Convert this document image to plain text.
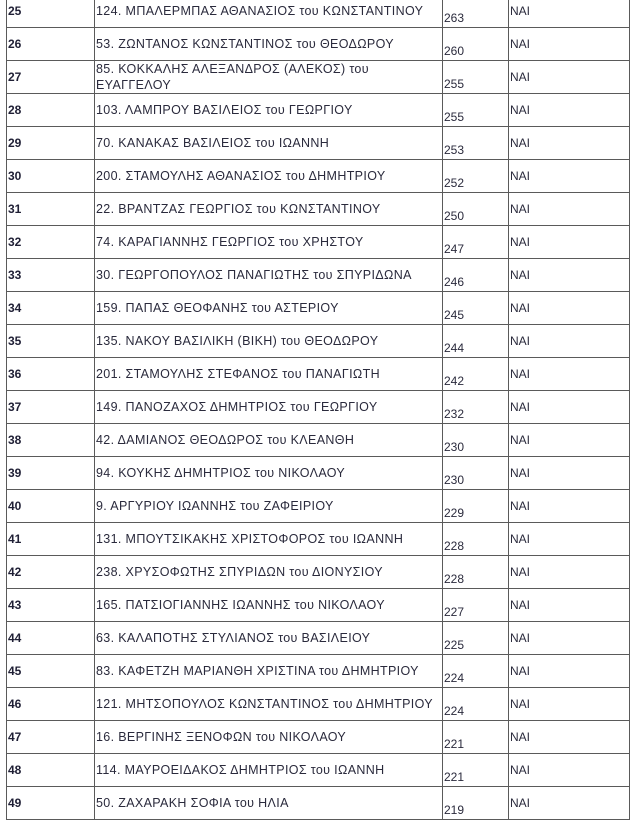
25	124. ΜΠΑΛΕΡΜΠΑΣ ΑΘΑΝΑΣΙΟΣ του ΚΩΝΣΤΑΝΤΙΝΟΥ	263	ΝΑΙ
26	53. ΖΩΝΤΑΝΟΣ ΚΩΝΣΤΑΝΤΙΝΟΣ του ΘΕΟΔΩΡΟΥ	260	ΝΑΙ
27	85. ΚΟΚΚΑΛΗΣ ΑΛΕΞΑΝΔΡΟΣ (ΑΛΕΚΟΣ) του ΕΥΑΓΓΕΛΟΥ	255	ΝΑΙ
28	103. ΛΑΜΠΡΟΥ ΒΑΣΙΛΕΙΟΣ του ΓΕΩΡΓΙΟΥ	255	ΝΑΙ
29	70. ΚΑΝΑΚΑΣ ΒΑΣΙΛΕΙΟΣ του ΙΩΑΝΝΗ	253	ΝΑΙ
30	200. ΣΤΑΜΟΥΛΗΣ ΑΘΑΝΑΣΙΟΣ του ΔΗΜΗΤΡΙΟΥ	252	ΝΑΙ
31	22. ΒΡΑΝΤΖΑΣ ΓΕΩΡΓΙΟΣ του ΚΩΝΣΤΑΝΤΙΝΟΥ	250	ΝΑΙ
32	74. ΚΑΡΑΓΙΑΝΝΗΣ ΓΕΩΡΓΙΟΣ του ΧΡΗΣΤΟΥ	247	ΝΑΙ
33	30. ΓΕΩΡΓΟΠΟΥΛΟΣ ΠΑΝΑΓΙΩΤΗΣ του ΣΠΥΡΙΔΩΝΑ	246	ΝΑΙ
34	159. ΠΑΠΑΣ ΘΕΟΦΑΝΗΣ του ΑΣΤΕΡΙΟΥ	245	ΝΑΙ
35	135. ΝΑΚΟΥ ΒΑΣΙΛΙΚΗ (ΒΙΚΗ) του ΘΕΟΔΩΡΟΥ	244	ΝΑΙ
36	201. ΣΤΑΜΟΥΛΗΣ ΣΤΕΦΑΝΟΣ του ΠΑΝΑΓΙΩΤΗ	242	ΝΑΙ
37	149. ΠΑΝΟΖΑΧΟΣ ΔΗΜΗΤΡΙΟΣ του ΓΕΩΡΓΙΟΥ	232	ΝΑΙ
38	42. ΔΑΜΙΑΝΟΣ ΘΕΟΔΩΡΟΣ του ΚΛΕΑΝΘΗ	230	ΝΑΙ
39	94. ΚΟΥΚΗΣ ΔΗΜΗΤΡΙΟΣ του ΝΙΚΟΛΑΟΥ	230	ΝΑΙ
40	9. ΑΡΓΥΡΙΟΥ ΙΩΑΝΝΗΣ του ΖΑΦΕΙΡΙΟΥ	229	ΝΑΙ
41	131. ΜΠΟΥΤΣΙΚΑΚΗΣ ΧΡΙΣΤΟΦΟΡΟΣ του ΙΩΑΝΝΗ	228	ΝΑΙ
42	238. ΧΡΥΣΟΦΩΤΗΣ ΣΠΥΡΙΔΩΝ του ΔΙΟΝΥΣΙΟΥ	228	ΝΑΙ
43	165. ΠΑΤΣΙΟΓΙΑΝΝΗΣ ΙΩΑΝΝΗΣ του ΝΙΚΟΛΑΟΥ	227	ΝΑΙ
44	63. ΚΑΛΑΠΟΤΗΣ ΣΤΥΛΙΑΝΟΣ του ΒΑΣΙΛΕΙΟΥ	225	ΝΑΙ
45	83. ΚΑΦΕΤΖΗ ΜΑΡΙΑΝΘΗ ΧΡΙΣΤΙΝΑ του ΔΗΜΗΤΡΙΟΥ	224	ΝΑΙ
46	121. ΜΗΤΣΟΠΟΥΛΟΣ ΚΩΝΣΤΑΝΤΙΝΟΣ του ΔΗΜΗΤΡΙΟΥ	224	ΝΑΙ
47	16. ΒΕΡΓΙΝΗΣ ΞΕΝΟΦΩΝ του ΝΙΚΟΛΑΟΥ	221	ΝΑΙ
48	114. ΜΑΥΡΟΕΙΔΑΚΟΣ ΔΗΜΗΤΡΙΟΣ του ΙΩΑΝΝΗ	221	ΝΑΙ
49	50. ΖΑΧΑΡΑΚΗ ΣΟΦΙΑ του ΗΛΙΑ	219	ΝΑΙ
